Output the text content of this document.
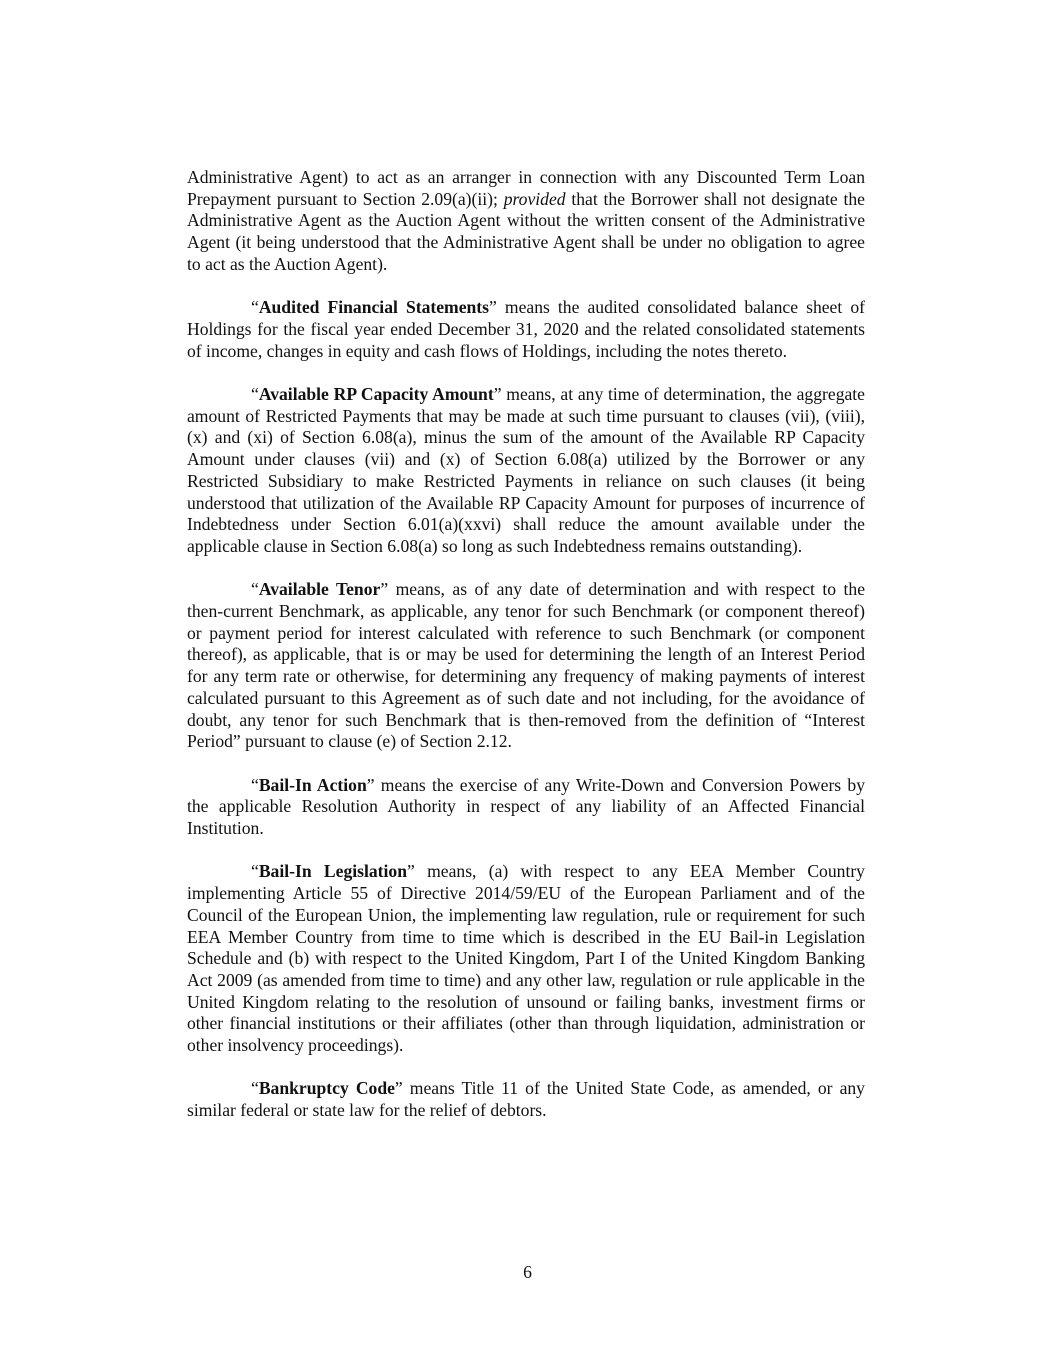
Administrative Agent) to act as an arranger in connection with any Discounted Term Loan Prepayment pursuant to Section 2.09(a)(ii); provided that the Borrower shall not designate the Administrative Agent as the Auction Agent without the written consent of the Administrative Agent (it being understood that the Administrative Agent shall be under no obligation to agree to act as the Auction Agent).

“Audited Financial Statements” means the audited consolidated balance sheet of Holdings for the fiscal year ended December 31, 2020 and the related consolidated statements of income, changes in equity and cash flows of Holdings, including the notes thereto.

“Available RP Capacity Amount” means, at any time of determination, the aggregate amount of Restricted Payments that may be made at such time pursuant to clauses (vii), (viii), (x) and (xi) of Section 6.08(a), minus the sum of the amount of the Available RP Capacity Amount under clauses (vii) and (x) of Section 6.08(a) utilized by the Borrower or any Restricted Subsidiary to make Restricted Payments in reliance on such clauses (it being understood that utilization of the Available RP Capacity Amount for purposes of incurrence of Indebtedness under Section 6.01(a)(xxvi) shall reduce the amount available under the applicable clause in Section 6.08(a) so long as such Indebtedness remains outstanding).

“Available Tenor” means, as of any date of determination and with respect to the then-current Benchmark, as applicable, any tenor for such Benchmark (or component thereof) or payment period for interest calculated with reference to such Benchmark (or component thereof), as applicable, that is or may be used for determining the length of an Interest Period for any term rate or otherwise, for determining any frequency of making payments of interest calculated pursuant to this Agreement as of such date and not including, for the avoidance of doubt, any tenor for such Benchmark that is then-removed from the definition of “Interest Period” pursuant to clause (e) of Section 2.12.

“Bail-In Action” means the exercise of any Write-Down and Conversion Powers by the applicable Resolution Authority in respect of any liability of an Affected Financial Institution.

“Bail-In Legislation” means, (a) with respect to any EEA Member Country implementing Article 55 of Directive 2014/59/EU of the European Parliament and of the Council of the European Union, the implementing law regulation, rule or requirement for such EEA Member Country from time to time which is described in the EU Bail-in Legislation Schedule and (b) with respect to the United Kingdom, Part I of the United Kingdom Banking Act 2009 (as amended from time to time) and any other law, regulation or rule applicable in the United Kingdom relating to the resolution of unsound or failing banks, investment firms or other financial institutions or their affiliates (other than through liquidation, administration or other insolvency proceedings).

“Bankruptcy Code” means Title 11 of the United State Code, as amended, or any similar federal or state law for the relief of debtors.

6
